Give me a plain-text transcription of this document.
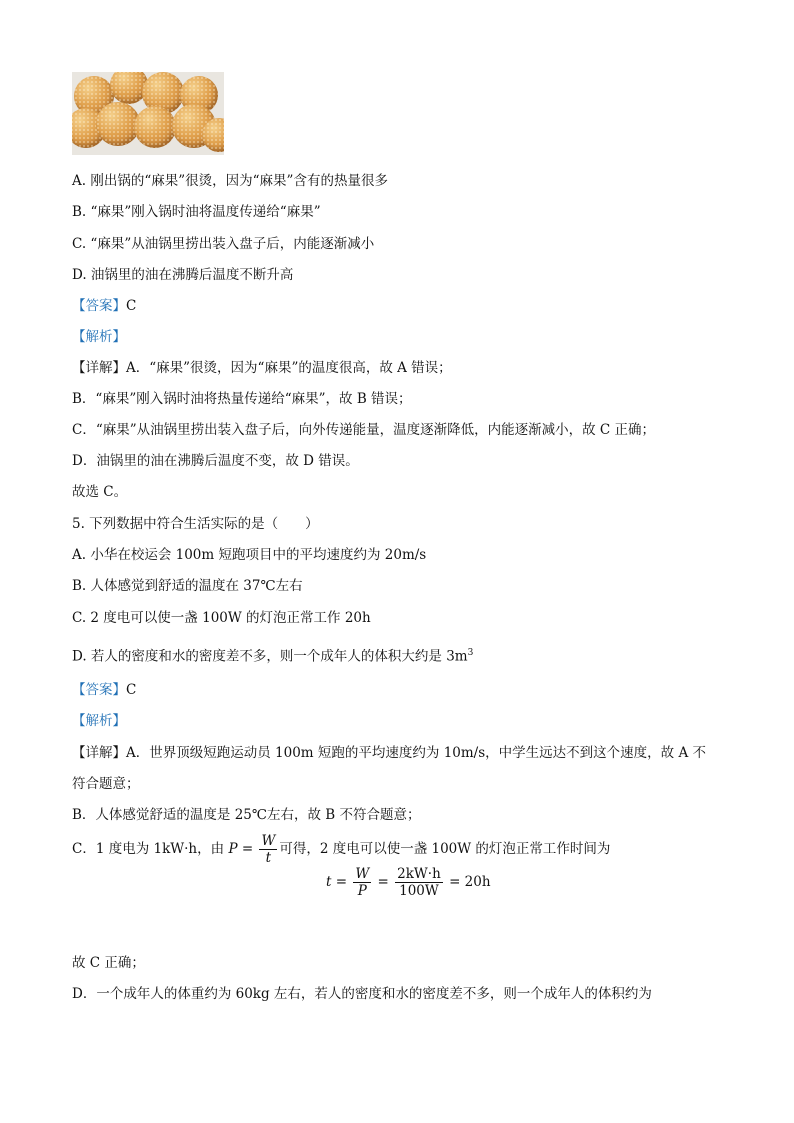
A. 刚出锅的“麻果”很烫，因为“麻果”含有的热量很多
B. “麻果”刚入锅时油将温度传递给“麻果”
C. “麻果”从油锅里捞出装入盘子后，内能逐渐减小
D. 油锅里的油在沸腾后温度不断升高
【答案】C
【解析】
【详解】A．“麻果”很烫，因为“麻果”的温度很高，故 A 错误；
B．“麻果”刚入锅时油将热量传递给“麻果”，故 B 错误；
C．“麻果”从油锅里捞出装入盘子后，向外传递能量，温度逐渐降低，内能逐渐减小，故 C 正确；
D．油锅里的油在沸腾后温度不变，故 D 错误。
故选 C。
5. 下列数据中符合生活实际的是（　　）
A. 小华在校运会 100m 短跑项目中的平均速度约为 20m/s
B. 人体感觉到舒适的温度在 37℃左右
C. 2 度电可以使一盏 100W 的灯泡正常工作 20h
D. 若人的密度和水的密度差不多，则一个成年人的体积大约是 $3m^3$
【答案】C
【解析】
【详解】A．世界顶级短跑运动员 100m 短跑的平均速度约为 10m/s，中学生远达不到这个速度，故 A 不
符合题意；
B．人体感觉舒适的温度是 25℃左右，故 B 不符合题意；
C．1 度电为 1kW·h，由 $P = \frac{W}{t}$ 可得，2 度电可以使一盏 100W 的灯泡正常工作时间为
$t = \frac{W}{P} = \frac{2kW\cdot h}{100W} = 20h$
故 C 正确；
D．一个成年人的体重约为 60kg 左右，若人的密度和水的密度差不多，则一个成年人的体积约为
